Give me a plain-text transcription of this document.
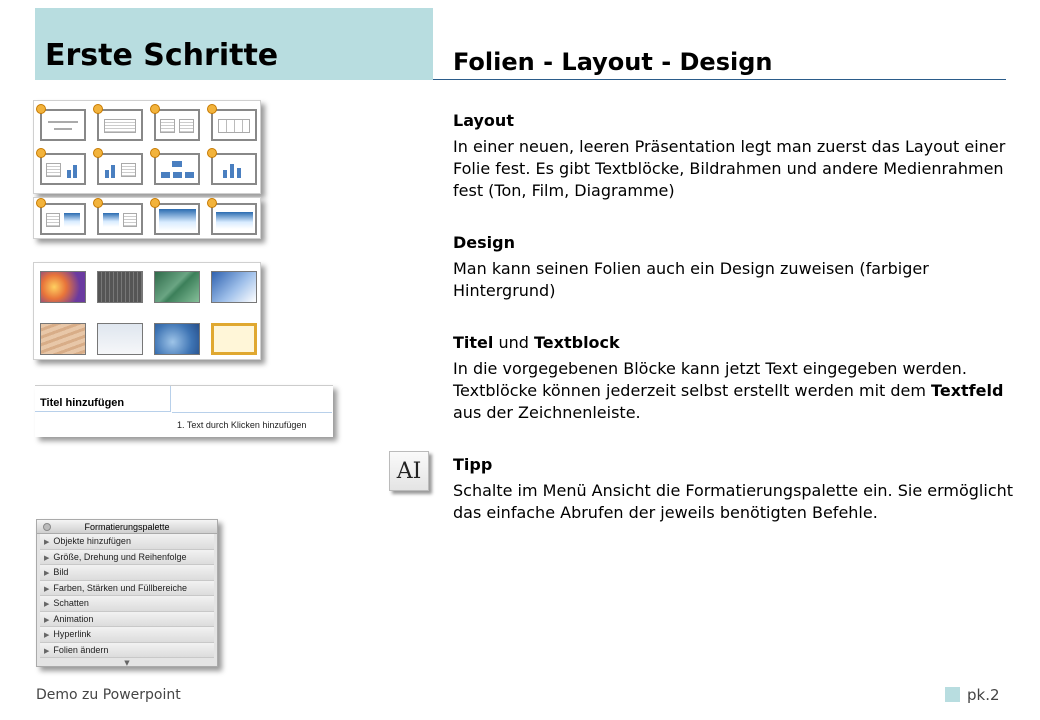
Erste Schritte	Folien - Layout - Design
Titel hinzufügen
1. Text durch Klicken hinzufügen
Formatierungspalette
▶ Objekte hinzufügen
▶ Größe, Drehung und Reihenfolge
▶ Bild
▶ Farben, Stärken und Füllbereiche
▶ Schatten
▶ Animation
▶ Hyperlink
▶ Folien ändern
▼
AI
Layout

In einer neuen, leeren Präsentation legt man zuerst das Layout einer Folie fest. Es gibt Textblöcke, Bildrahmen und andere Medienrahmen fest (Ton, Film, Diagramme)

Design

Man kann seinen Folien auch ein Design zuweisen (farbiger Hintergrund)

Titel und Textblock

In die vorgegebenen Blöcke kann jetzt Text eingegeben werden. Textblöcke können jederzeit selbst erstellt werden mit dem Textfeld aus der Zeichnenleiste.

Tipp

Schalte im Menü Ansicht die Formatierungspalette ein. Sie ermöglicht das einfache Abrufen der jeweils benötigten Befehle.

Demo zu Powerpoint	pk.2
